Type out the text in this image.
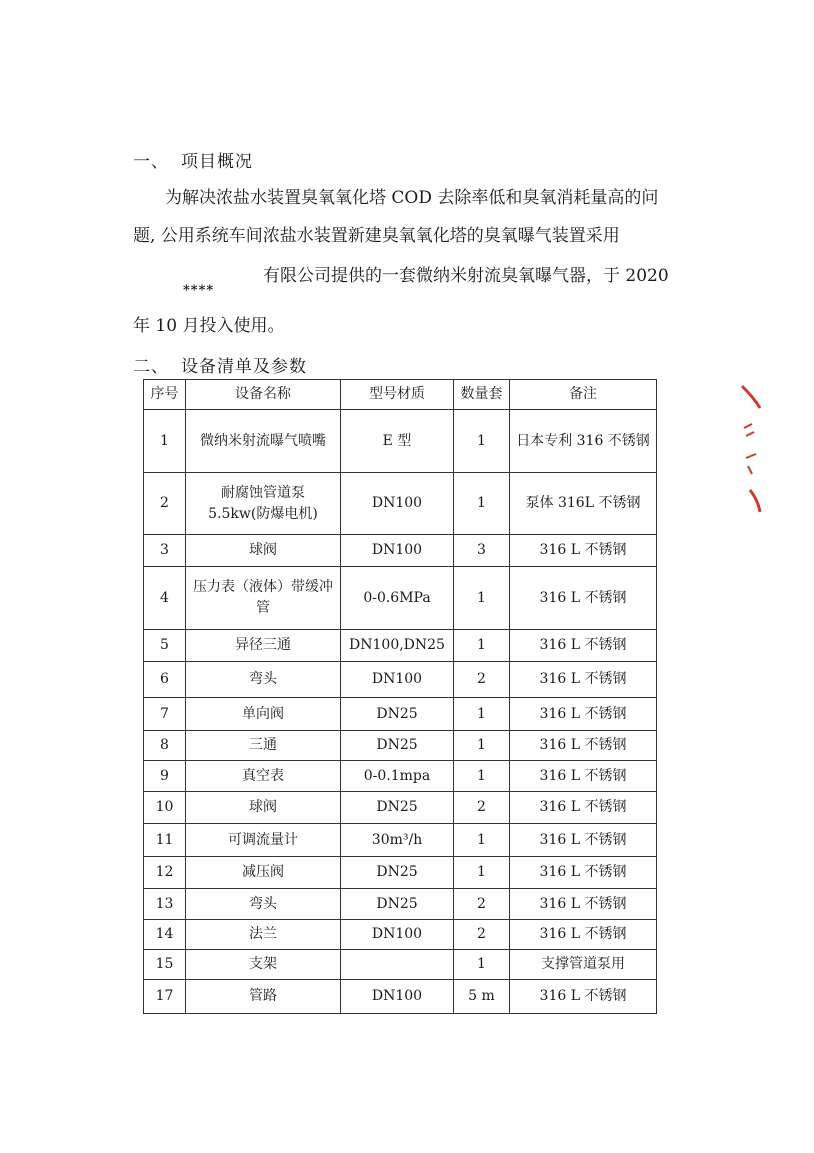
一、 项目概况
为解决浓盐水装置臭氧氧化塔 COD 去除率低和臭氧消耗量高的问
题, 公用系统车间浓盐水装置新建臭氧氧化塔的臭氧曝气装置采用
****
有限公司提供的一套微纳米射流臭氧曝气器，于 2020
年 10 月投入使用。
二、 设备清单及参数
序号	设备名称	型号材质	数量套	备注
1	微纳米射流曝气喷嘴	E 型	1	日本专利 316 不锈钢
2	耐腐蚀管道泵 5.5kw(防爆电机)	DN100	1	泵体 316L 不锈钢
3	球阀	DN100	3	316 L 不锈钢
4	压力表（液体）带缓冲管	0-0.6MPa	1	316 L 不锈钢
5	异径三通	DN100,DN25	1	316 L 不锈钢
6	弯头	DN100	2	316 L 不锈钢
7	单向阀	DN25	1	316 L 不锈钢
8	三通	DN25	1	316 L 不锈钢
9	真空表	0-0.1mpa	1	316 L 不锈钢
10	球阀	DN25	2	316 L 不锈钢
11	可调流量计	30m³/h	1	316 L 不锈钢
12	减压阀	DN25	1	316 L 不锈钢
13	弯头	DN25	2	316 L 不锈钢
14	法兰	DN100	2	316 L 不锈钢
15	支架		1	支撑管道泵用
17	管路	DN100	5 m	316 L 不锈钢
